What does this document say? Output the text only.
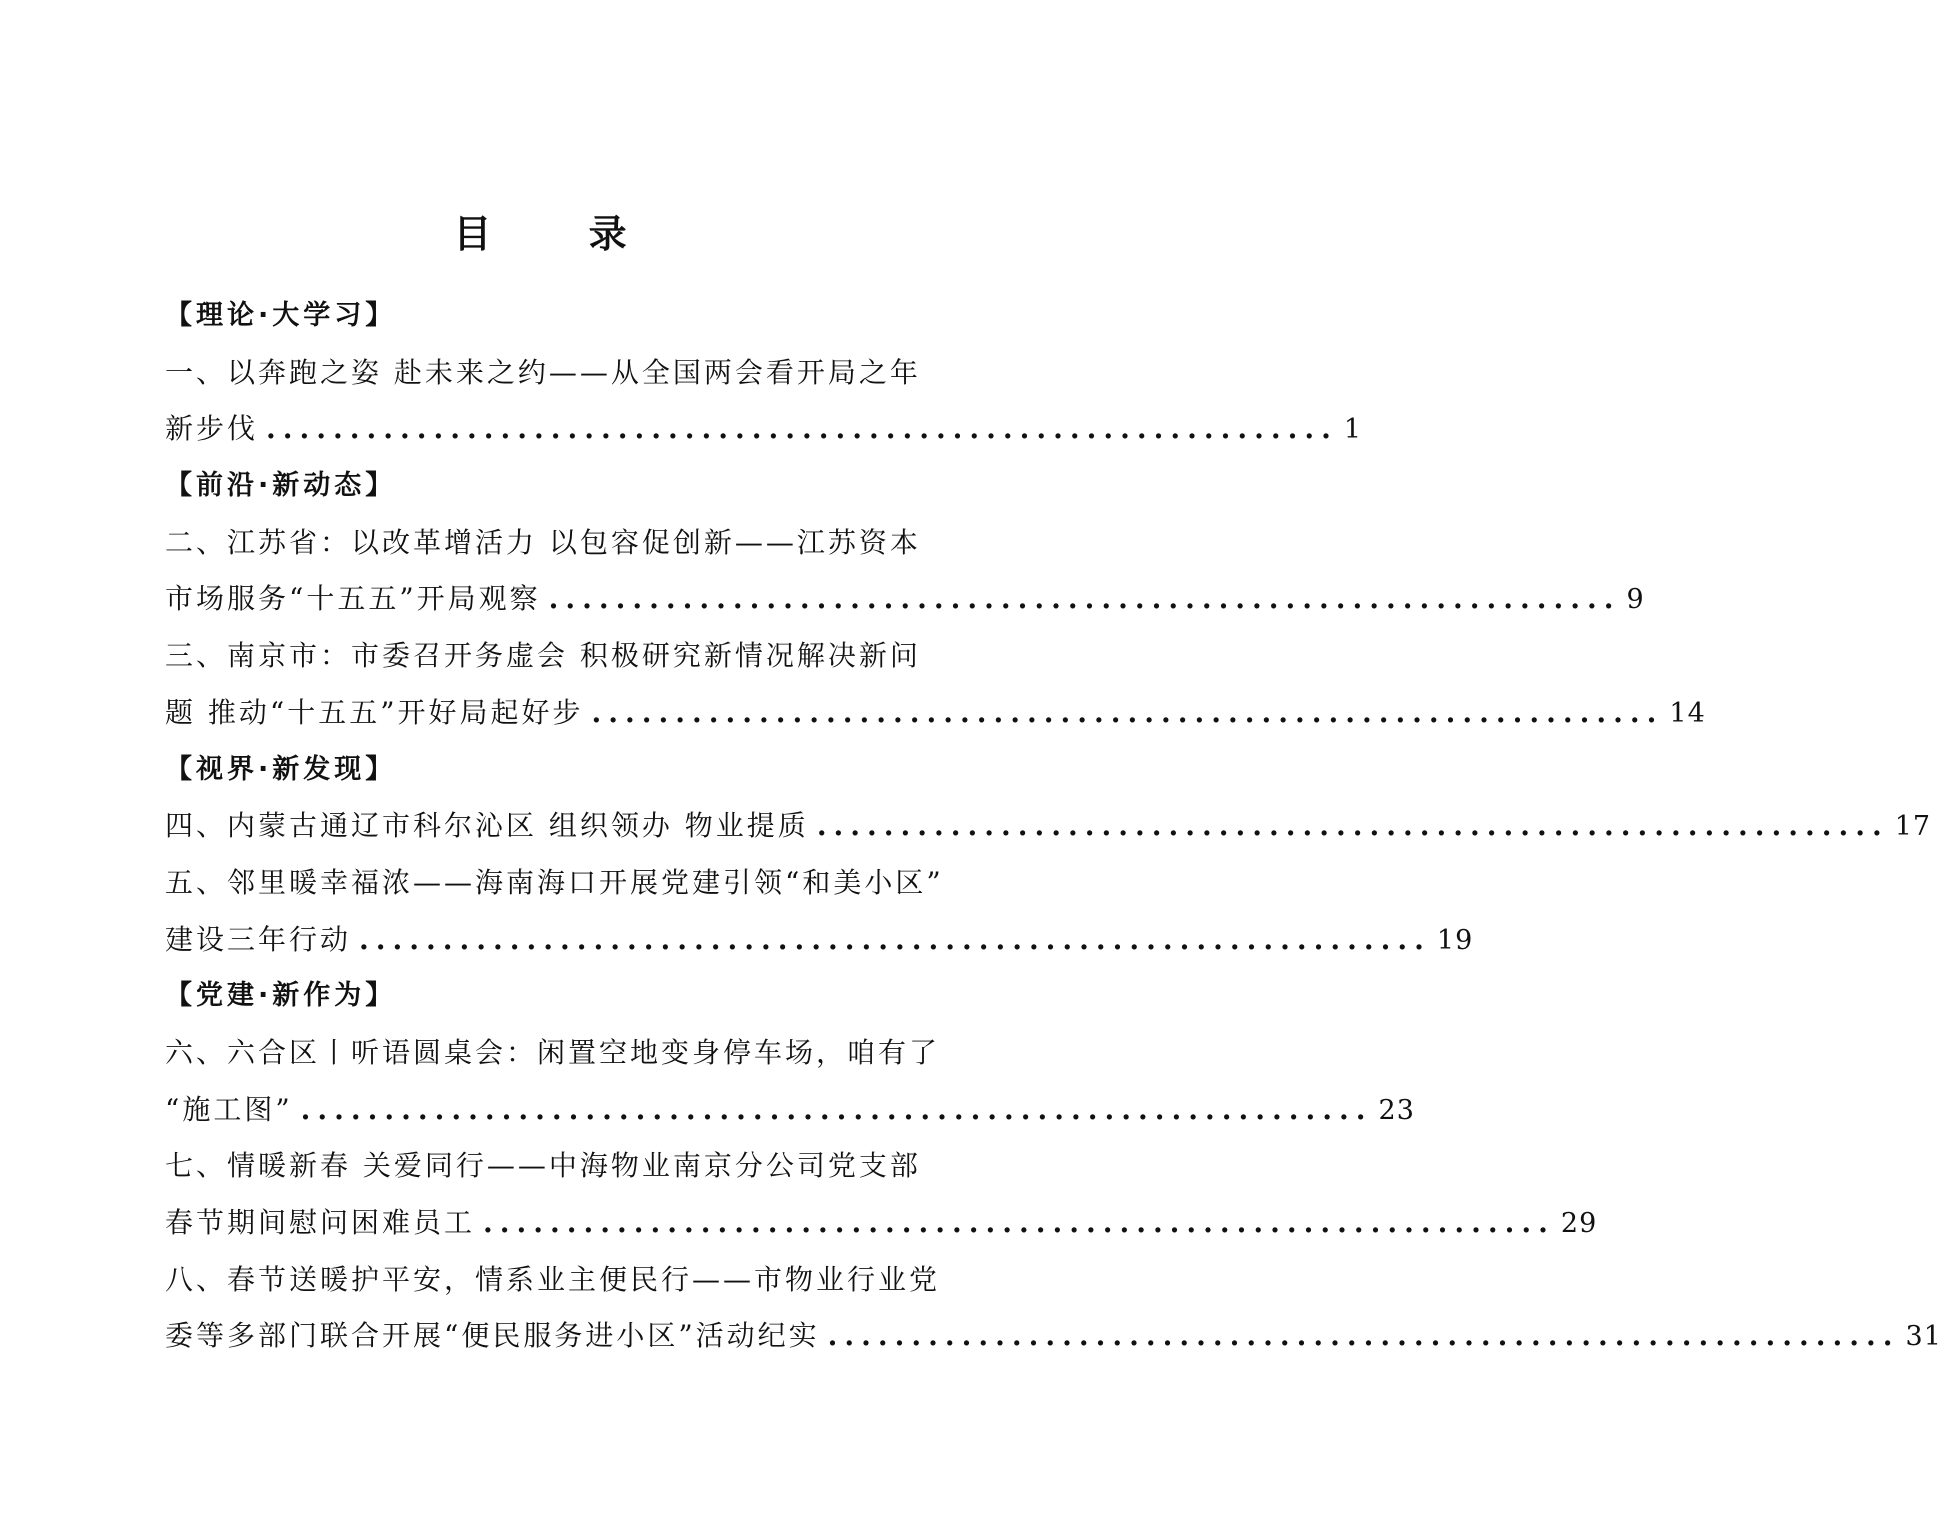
目 录
【理论·大学习】
一、以奔跑之姿 赴未来之约——从全国两会看开局之年
新步伐 ................................................................ 1
【前沿·新动态】
二、江苏省：以改革增活力 以包容促创新——江苏资本
市场服务“十五五”开局观察 ................................................................ 9
三、南京市：市委召开务虚会 积极研究新情况解决新问
题 推动“十五五”开好局起好步 ................................................................ 14
【视界·新发现】
四、内蒙古通辽市科尔沁区 组织领办 物业提质 ................................................................ 17
五、邻里暖幸福浓——海南海口开展党建引领“和美小区”
建设三年行动 ................................................................ 19
【党建·新作为】
六、六合区丨听语圆桌会：闲置空地变身停车场，咱有了
“施工图” ................................................................ 23
七、情暖新春 关爱同行——中海物业南京分公司党支部
春节期间慰问困难员工 ................................................................ 29
八、春节送暖护平安，情系业主便民行——市物业行业党
委等多部门联合开展“便民服务进小区”活动纪实 ................................................................ 31
